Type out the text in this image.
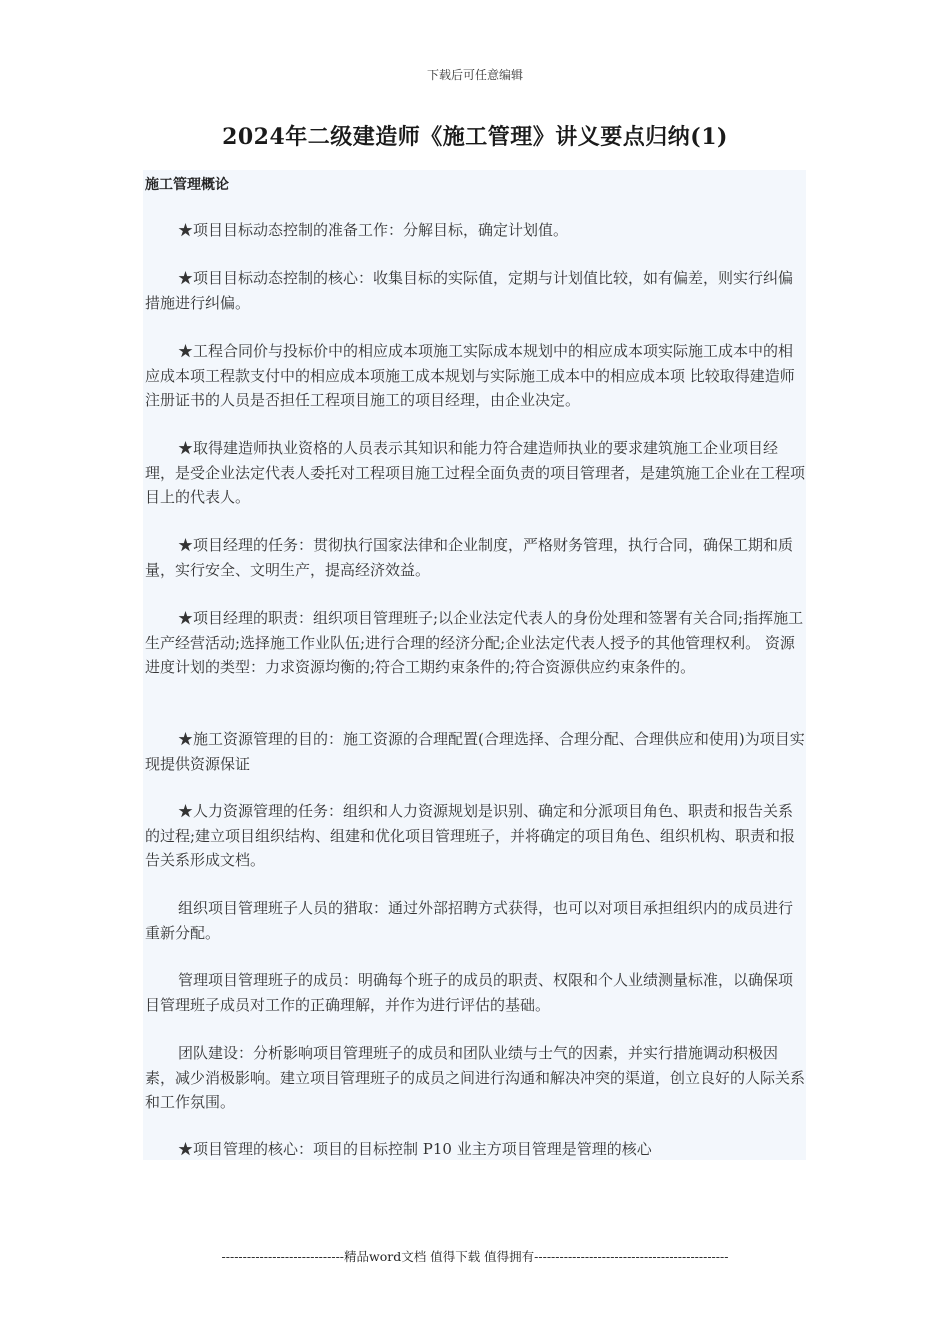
下载后可任意编辑
2024年二级建造师《施工管理》讲义要点归纳(1)
施工管理概论

★项目目标动态控制的准备工作：分解目标，确定计划值。

★项目目标动态控制的核心：收集目标的实际值，定期与计划值比较，如有偏差，则实行纠偏措施进行纠偏。

★工程合同价与投标价中的相应成本项施工实际成本规划中的相应成本项实际施工成本中的相应成本项工程款支付中的相应成本项施工成本规划与实际施工成本中的相应成本项 比较取得建造师注册证书的人员是否担任工程项目施工的项目经理，由企业决定。

★取得建造师执业资格的人员表示其知识和能力符合建造师执业的要求建筑施工企业项目经理，是受企业法定代表人委托对工程项目施工过程全面负责的项目管理者，是建筑施工企业在工程项目上的代表人。

★项目经理的任务：贯彻执行国家法律和企业制度，严格财务管理，执行合同，确保工期和质量，实行安全、文明生产，提高经济效益。

★项目经理的职责：组织项目管理班子;以企业法定代表人的身份处理和签署有关合同;指挥施工生产经营活动;选择施工作业队伍;进行合理的经济分配;企业法定代表人授予的其他管理权利。 资源进度计划的类型：力求资源均衡的;符合工期约束条件的;符合资源供应约束条件的。

★施工资源管理的目的：施工资源的合理配置(合理选择、合理分配、合理供应和使用)为项目实现提供资源保证

★人力资源管理的任务：组织和人力资源规划是识别、确定和分派项目角色、职责和报告关系的过程;建立项目组织结构、组建和优化项目管理班子，并将确定的项目角色、组织机构、职责和报告关系形成文档。

组织项目管理班子人员的猎取：通过外部招聘方式获得，也可以对项目承担组织内的成员进行重新分配。

管理项目管理班子的成员：明确每个班子的成员的职责、权限和个人业绩测量标准，以确保项目管理班子成员对工作的正确理解，并作为进行评估的基础。

团队建设：分析影响项目管理班子的成员和团队业绩与士气的因素，并实行措施调动积极因素，减少消极影响。建立项目管理班子的成员之间进行沟通和解决冲突的渠道，创立良好的人际关系和工作氛围。

★项目管理的核心：项目的目标控制 P10 业主方项目管理是管理的核心

-----------------------------精品word文档 值得下载 值得拥有----------------------------------------------
